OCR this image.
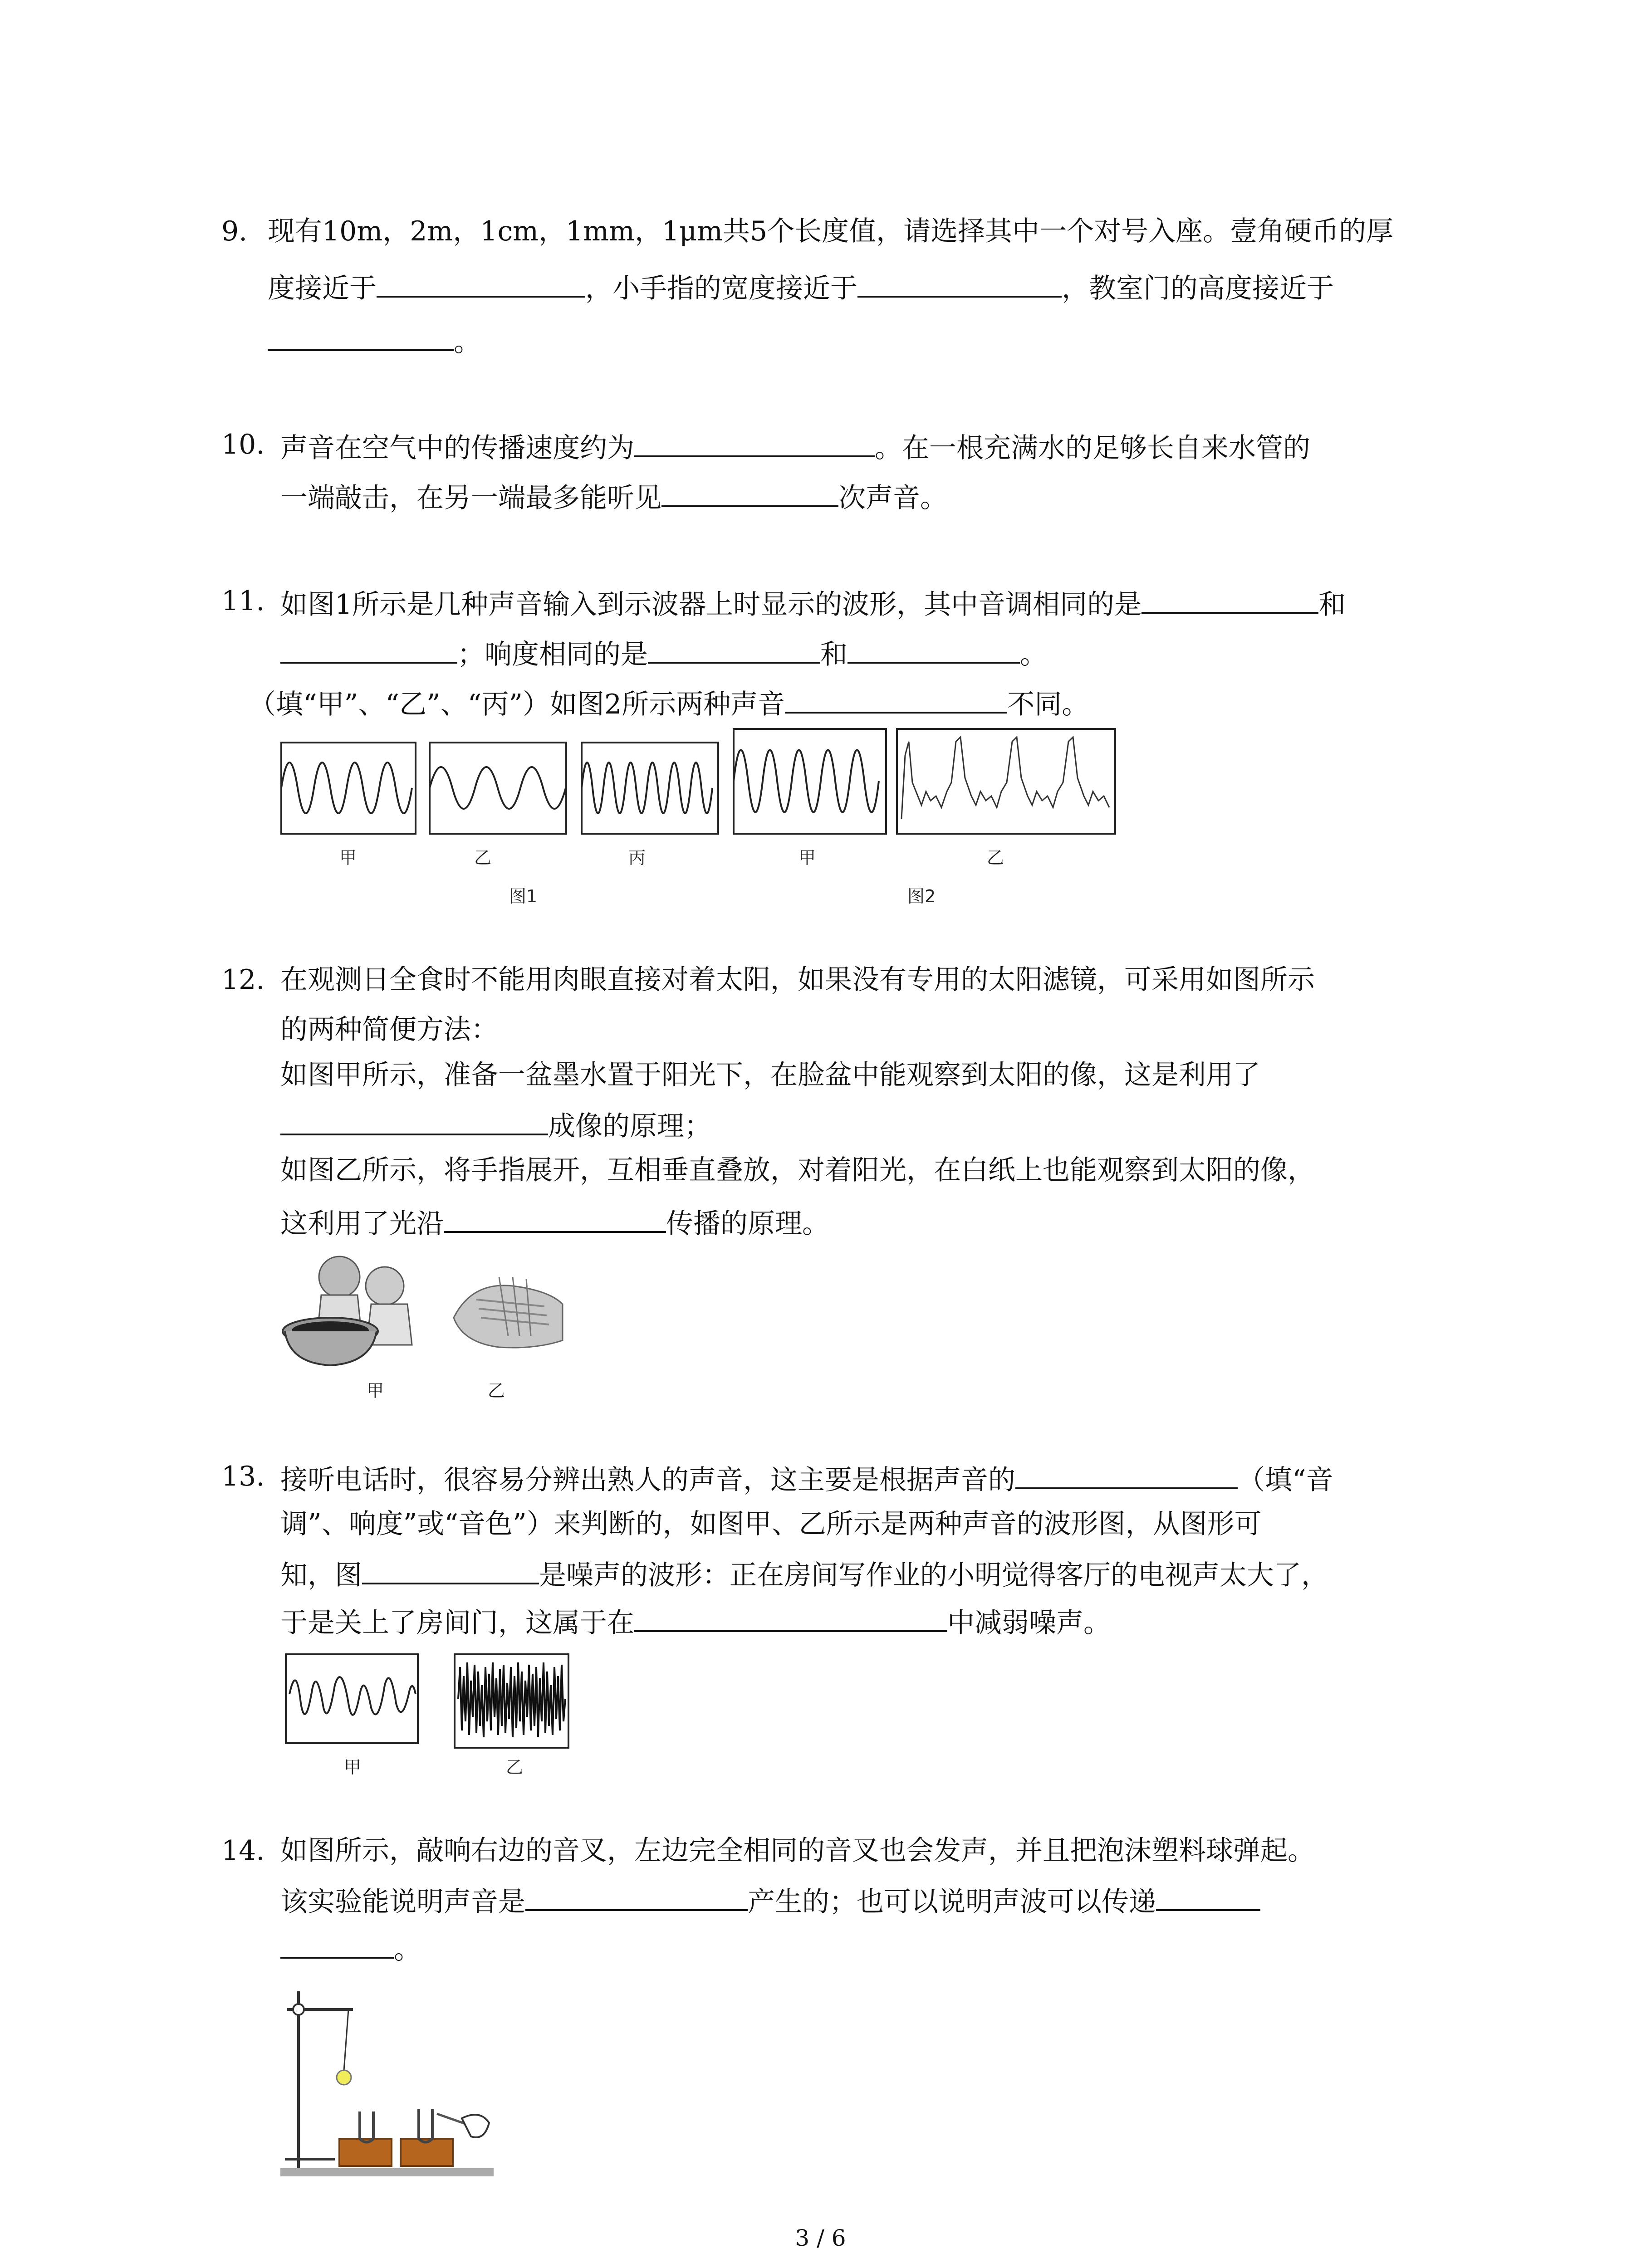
9. 现有10m，2m，1cm，1mm，1μm共5个长度值，请选择其中一个对号入座。壹角硬币的厚
度接近于	，小手指的宽度接近于	，教室门的高度接近于
。
10. 声音在空气中的传播速度约为	。在一根充满水的足够长自来水管的
一端敲击，在另一端最多能听见	次声音。
11. 如图1所示是几种声音输入到示波器上时显示的波形，其中音调相同的是	和
；响度相同的是	和	。
（填“甲”、“乙”、“丙”）如图2所示两种声音	不同。
甲	乙	丙
图1
甲	乙
图2
12. 在观测日全食时不能用肉眼直接对着太阳，如果没有专用的太阳滤镜，可采用如图所示
的两种简便方法：
如图甲所示，准备一盆墨水置于阳光下，在脸盆中能观察到太阳的像，这是利用了
成像的原理；
如图乙所示，将手指展开，互相垂直叠放，对着阳光，在白纸上也能观察到太阳的像，
这利用了光沿	传播的原理。
甲	乙
13. 接听电话时，很容易分辨出熟人的声音，这主要是根据声音的	（填“音
调”、响度”或“音色”）来判断的，如图甲、乙所示是两种声音的波形图，从图形可
知，图	是噪声的波形：正在房间写作业的小明觉得客厅的电视声太大了，
于是关上了房间门，这属于在	中减弱噪声。
甲	乙
14. 如图所示，敲响右边的音叉，左边完全相同的音叉也会发声，并且把泡沫塑料球弹起。
该实验能说明声音是	产生的；也可以说明声波可以传递
。
3 / 6
